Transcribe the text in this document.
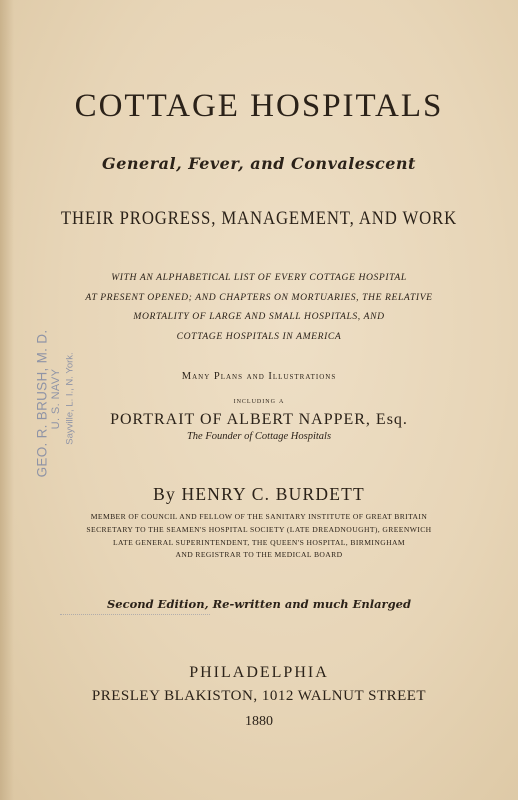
COTTAGE HOSPITALS
General, Fever, and Convalescent
THEIR PROGRESS, MANAGEMENT, AND WORK
WITH AN ALPHABETICAL LIST OF EVERY COTTAGE HOSPITAL
AT PRESENT OPENED; AND CHAPTERS ON MORTUARIES, THE RELATIVE
MORTALITY OF LARGE AND SMALL HOSPITALS, AND
COTTAGE HOSPITALS IN AMERICA
Many Plans and Illustrations
including a
PORTRAIT OF ALBERT NAPPER, Esq.
The Founder of Cottage Hospitals
By HENRY C. BURDETT
MEMBER OF COUNCIL AND FELLOW OF THE SANITARY INSTITUTE OF GREAT BRITAIN
SECRETARY TO THE SEAMEN'S HOSPITAL SOCIETY (LATE DREADNOUGHT), GREENWICH
LATE GENERAL SUPERINTENDENT, THE QUEEN'S HOSPITAL, BIRMINGHAM
AND REGISTRAR TO THE MEDICAL BOARD
Second Edition, Re-written and much Enlarged
PHILADELPHIA
PRESLEY BLAKISTON, 1012 WALNUT STREET
1880
GEO. R. BRUSH, M. D. U. S. NAVY Sayville, L. I., N. York.
